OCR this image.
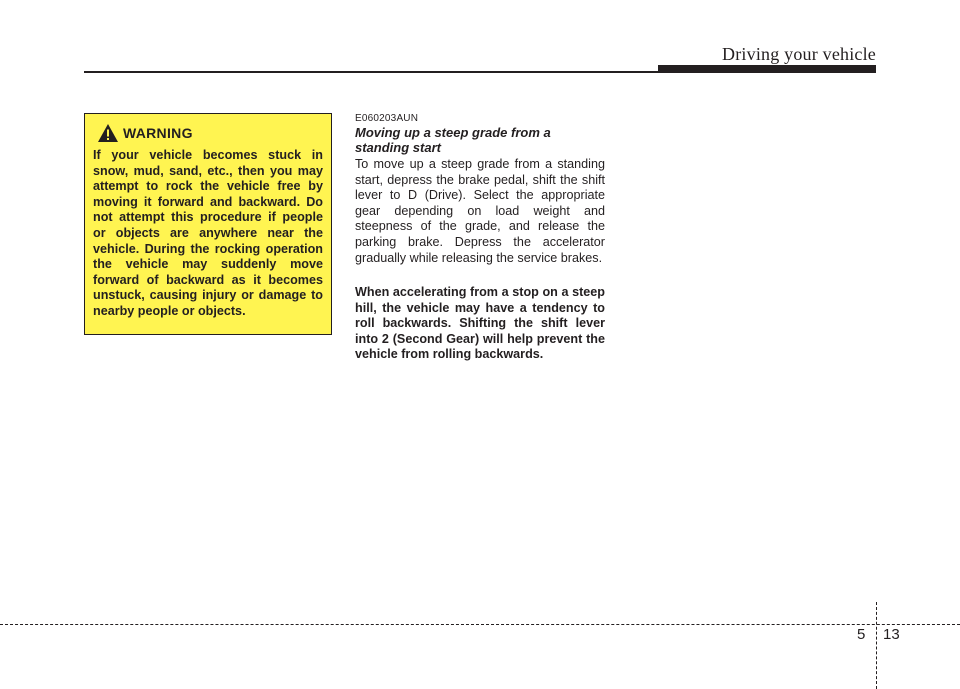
Driving your vehicle
WARNING

If your vehicle becomes stuck in snow, mud, sand, etc., then you may attempt to rock the vehicle free by moving it forward and backward. Do not attempt this procedure if people or objects are anywhere near the vehicle. During the rocking operation the vehicle may suddenly move forward of backward as it becomes unstuck, causing injury or damage to nearby people or objects.

E060203AUN
Moving up a steep grade from a standing start

To move up a steep grade from a standing start, depress the brake pedal, shift the shift lever to D (Drive). Select the appropriate gear depending on load weight and steepness of the grade, and release the parking brake. Depress the accelerator gradually while releasing the service brakes.

When accelerating from a stop on a steep hill, the vehicle may have a tendency to roll backwards. Shifting the shift lever into 2 (Second Gear) will help prevent the vehicle from rolling backwards.

5 13
